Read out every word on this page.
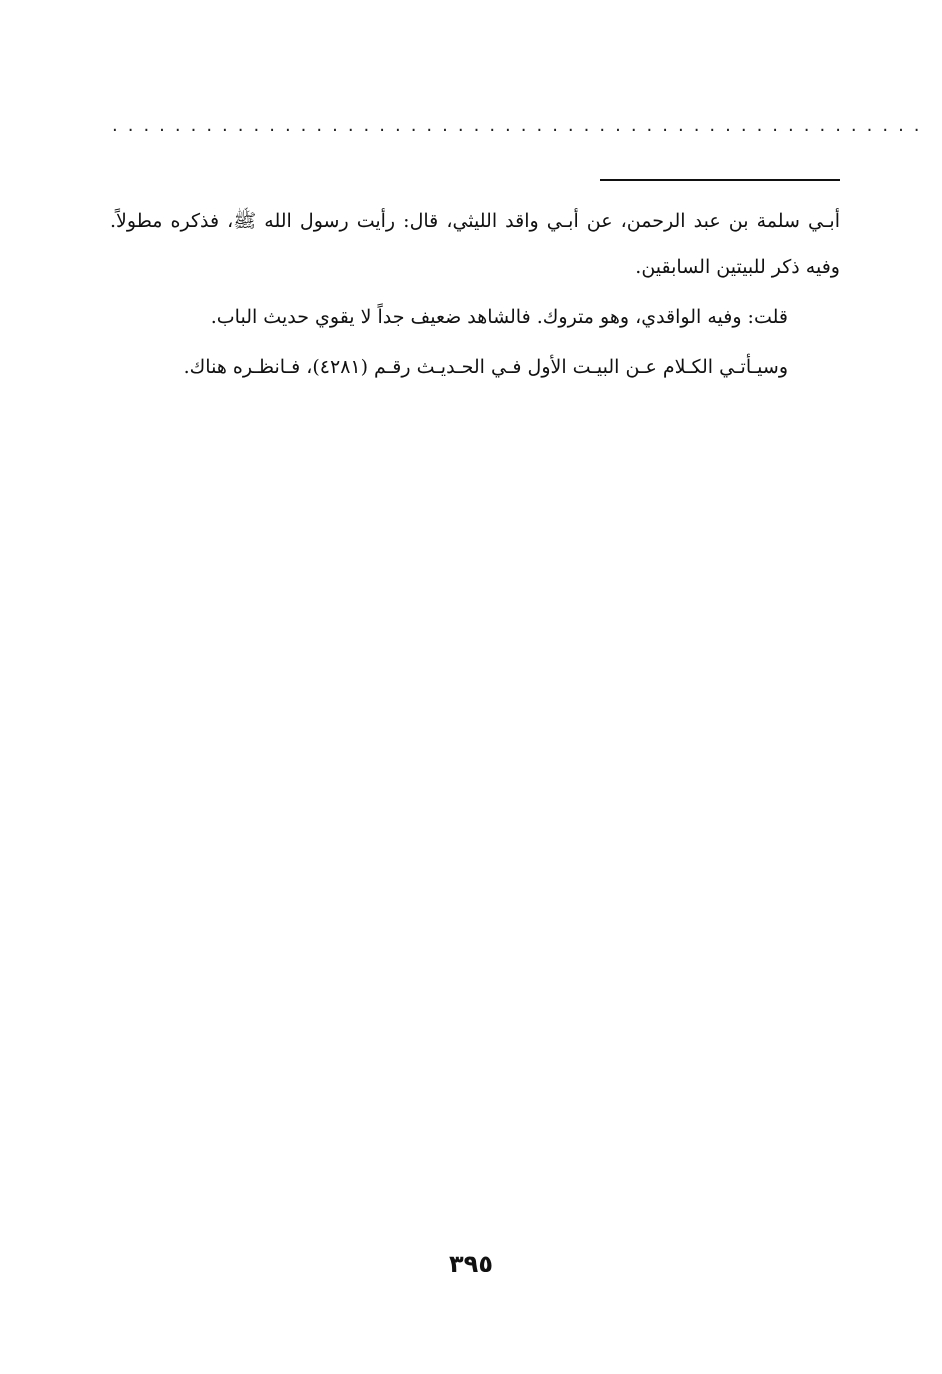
....................................................

أبـي سلمة بن عبد الرحمن، عن أبـي واقد الليثي، قال: رأيت رسول الله ﷺ، فذكره مطولاً. وفيه ذكر للبيتين السابقين.

قلت: وفيه الواقدي، وهو متروك. فالشاهد ضعيف جداً لا يقوي حديث الباب.

وسيـأتـي الكـلام عـن البيـت الأول فـي الحـديـث رقـم (٤٢٨١)، فـانظـره هناك.

٣٩٥
